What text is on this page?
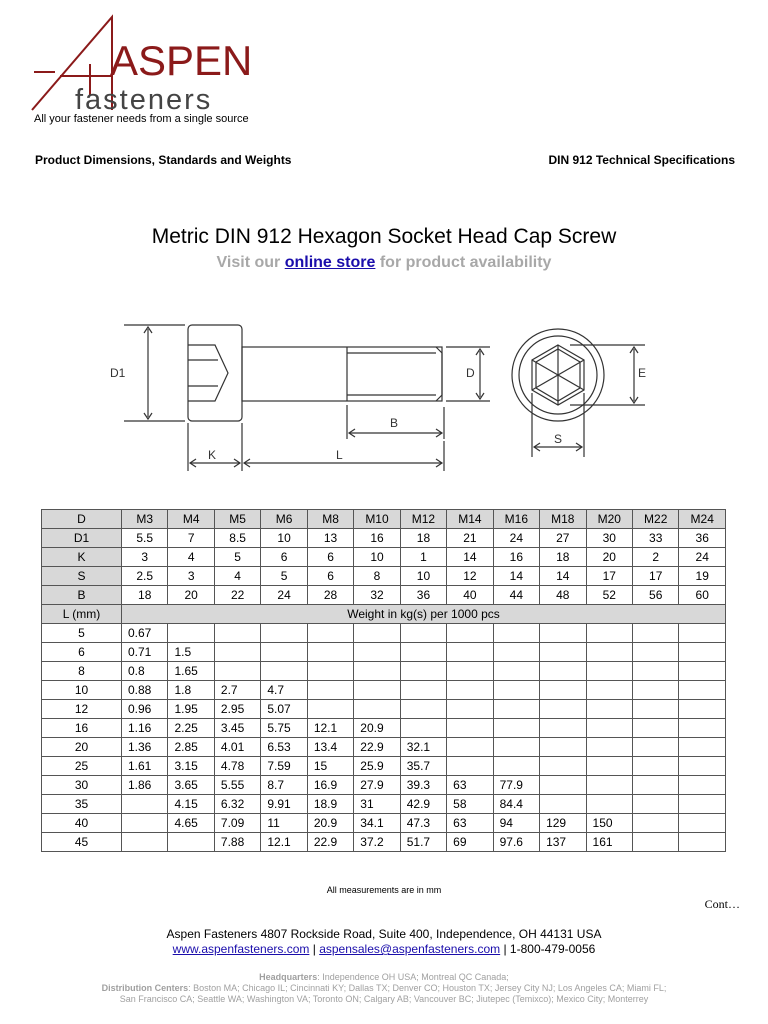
ASPEN
fasteners
All your fastener needs from a single source
Product Dimensions, Standards and Weights	DIN 912 Technical Specifications
Metric DIN 912 Hexagon Socket Head Cap Screw
Visit our online store for product availability
D1	D	E
B
K	L
S
D	M3	M4	M5	M6	M8	M10	M12	M14	M16	M18	M20	M22	M24
D1	5.5	7	8.5	10	13	16	18	21	24	27	30	33	36
K	3	4	5	6	6	10	1	14	16	18	20	2	24
S	2.5	3	4	5	6	8	10	12	14	14	17	17	19
B	18	20	22	24	28	32	36	40	44	48	52	56	60
L (mm)	Weight in kg(s) per 1000 pcs												
5	0.67												
6	0.71	1.5											
8	0.8	1.65											
10	0.88	1.8	2.7	4.7									
12	0.96	1.95	2.95	5.07									
16	1.16	2.25	3.45	5.75	12.1	20.9							
20	1.36	2.85	4.01	6.53	13.4	22.9	32.1						
25	1.61	3.15	4.78	7.59	15	25.9	35.7						
30	1.86	3.65	5.55	8.7	16.9	27.9	39.3	63	77.9				
35		4.15	6.32	9.91	18.9	31	42.9	58	84.4				
40		4.65	7.09	11	20.9	34.1	47.3	63	94	129	150		
45			7.88	12.1	22.9	37.2	51.7	69	97.6	137	161		
All measurements are in mm
Cont…
Aspen Fasteners 4807 Rockside Road, Suite 400, Independence, OH 44131 USA
www.aspenfasteners.com | aspensales@aspenfasteners.com | 1-800-479-0056
Headquarters: Independence OH USA; Montreal QC Canada;
Distribution Centers: Boston MA; Chicago IL; Cincinnati KY; Dallas TX; Denver CO; Houston TX; Jersey City NJ; Los Angeles CA; Miami FL;
San Francisco CA; Seattle WA; Washington VA; Toronto ON; Calgary AB; Vancouver BC; Jiutepec (Temixco); Mexico City; Monterrey
